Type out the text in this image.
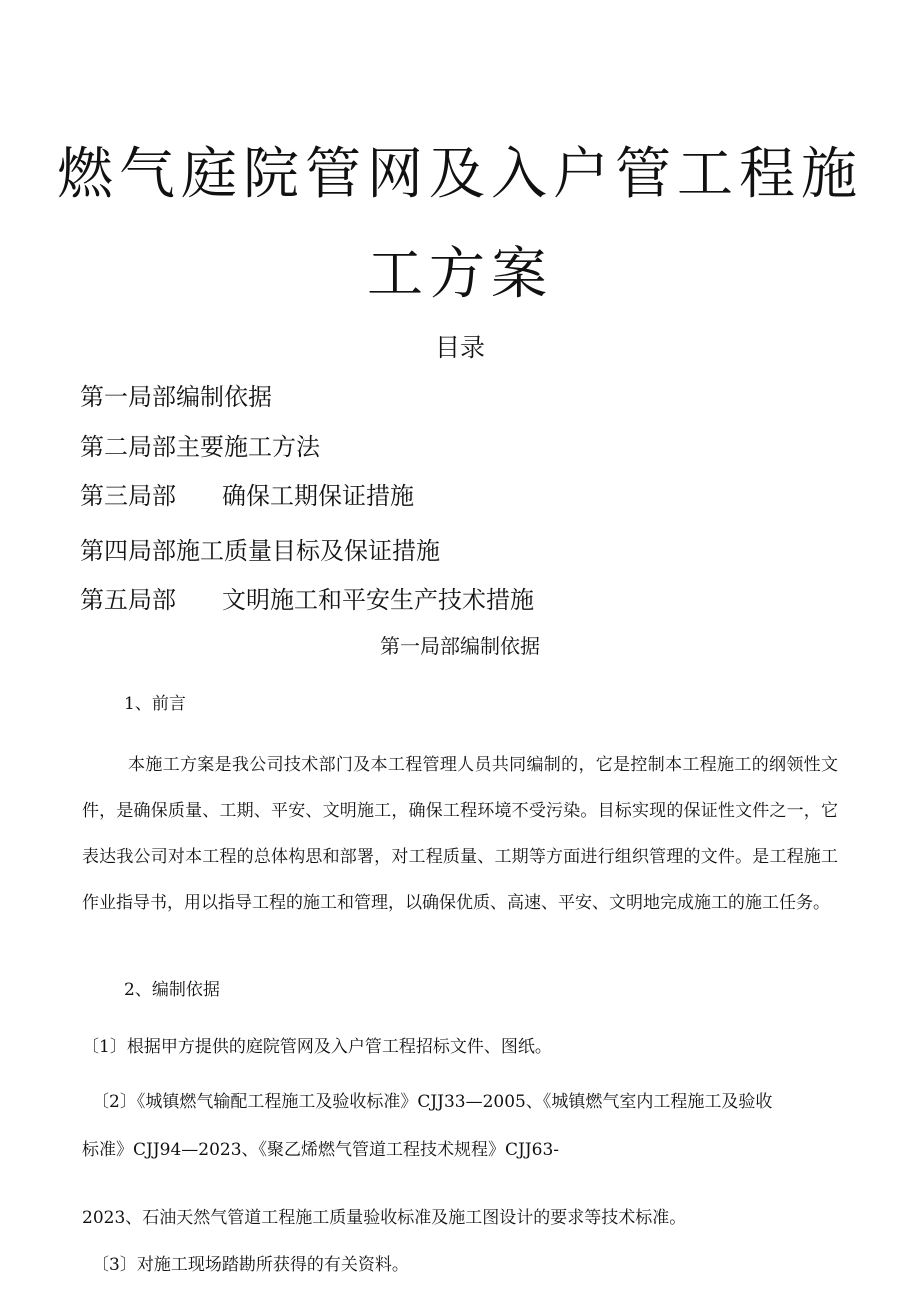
燃气庭院管网及入户管工程施
工方案
目录
第一局部编制依据
第二局部主要施工方法
第三局部 确保工期保证措施
第四局部施工质量目标及保证措施
第五局部 文明施工和平安生产技术措施
第一局部编制依据
1、前言

本施工方案是我公司技术部门及本工程管理人员共同编制的，它是控制本工程施工的纲领性文件，是确保质量、工期、平安、文明施工，确保工程环境不受污染。目标实现的保证性文件之一，它表达我公司对本工程的总体构思和部署，对工程质量、工期等方面进行组织管理的文件。是工程施工作业指导书，用以指导工程的施工和管理，以确保优质、高速、平安、文明地完成施工的施工任务。

2、编制依据
〔1〕根据甲方提供的庭院管网及入户管工程招标文件、图纸。
〔2〕《城镇燃气输配工程施工及验收标准》CJJ33—2005、《城镇燃气室内工程施工及验收
标准》CJJ94—2023、《聚乙烯燃气管道工程技术规程》CJJ63-
2023、石油天然气管道工程施工质量验收标准及施工图设计的要求等技术标准。
〔3〕对施工现场踏勘所获得的有关资料。
